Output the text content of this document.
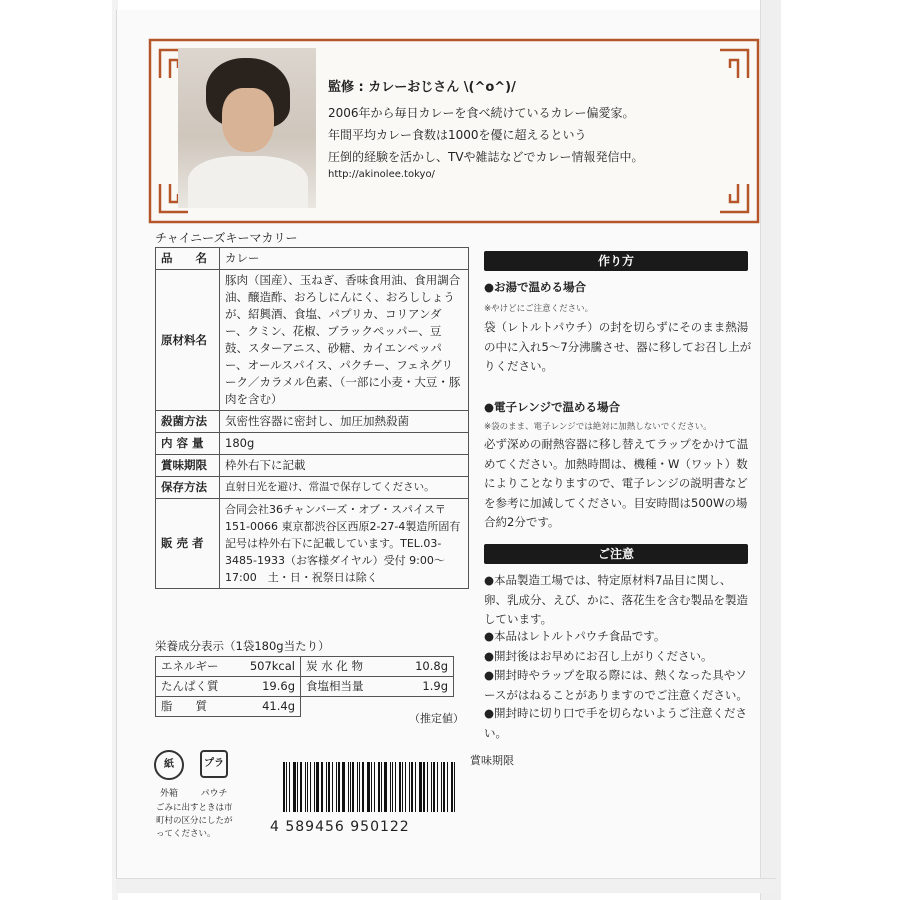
監修 : カレーおじさん \(^o^)/
2006年から毎日カレーを食べ続けているカレー偏愛家。
年間平均カレー食数は1000を優に超えるという
圧倒的経験を活かし、TVや雑誌などでカレー情報発信中。
http://akinolee.tokyo/
チャイニーズキーマカリー
品　　名	カレー
原材料名	豚肉（国産）、玉ねぎ、香味食用油、食用調合油、醸造酢、おろしにんにく、おろししょうが、紹興酒、食塩、パプリカ、コリアンダー、クミン、花椒、ブラックペッパー、豆鼓、スターアニス、砂糖、カイエンペッパー、オールスパイス、パクチー、フェネグリーク／カラメル色素、（一部に小麦・大豆・豚肉を含む）
殺菌方法	気密性容器に密封し、加圧加熱殺菌
内 容 量	180g
賞味期限	枠外右下に記載
保存方法	直射日光を避け、常温で保存してください。
販 売 者	合同会社36チャンバーズ・オブ・スパイス〒151-0066 東京都渋谷区西原2-27-4製造所固有記号は枠外右下に記載しています。TEL.03-3485-1933（お客様ダイヤル）受付 9:00〜17:00　土・日・祝祭日は除く
栄養成分表示（1袋180g当たり）
エネルギー	507kcal	炭 水 化 物	10.8g
たんぱく質	19.6g	食塩相当量	1.9g
脂　　質	41.4g		
（推定値）
作り方
●お湯で温める場合
※やけどにご注意ください。
袋（レトルトパウチ）の封を切らずにそのまま熱湯の中に入れ5〜7分沸騰させ、器に移してお召し上がりください。
●電子レンジで温める場合
※袋のまま、電子レンジでは絶対に加熱しないでください。
必ず深めの耐熱容器に移し替えてラップをかけて温めてください。加熱時間は、機種・W（ワット）数によりことなりますので、電子レンジの説明書などを参考に加減してください。目安時間は500Wの場合約2分です。
ご注意
●本品製造工場では、特定原材料7品目に関し、卵、乳成分、えび、かに、落花生を含む製品を製造しています。
●本品はレトルトパウチ食品です。
●開封後はお早めにお召し上がりください。
●開封時やラップを取る際には、熱くなった具やソースがはねることがありますのでご注意ください。
●開封時に切り口で手を切らないようご注意ください。
紙
外箱
プラ
パウチ
ごみに出すときは市町村の区分にしたがってください。	4 589456 950122
賞味期限
